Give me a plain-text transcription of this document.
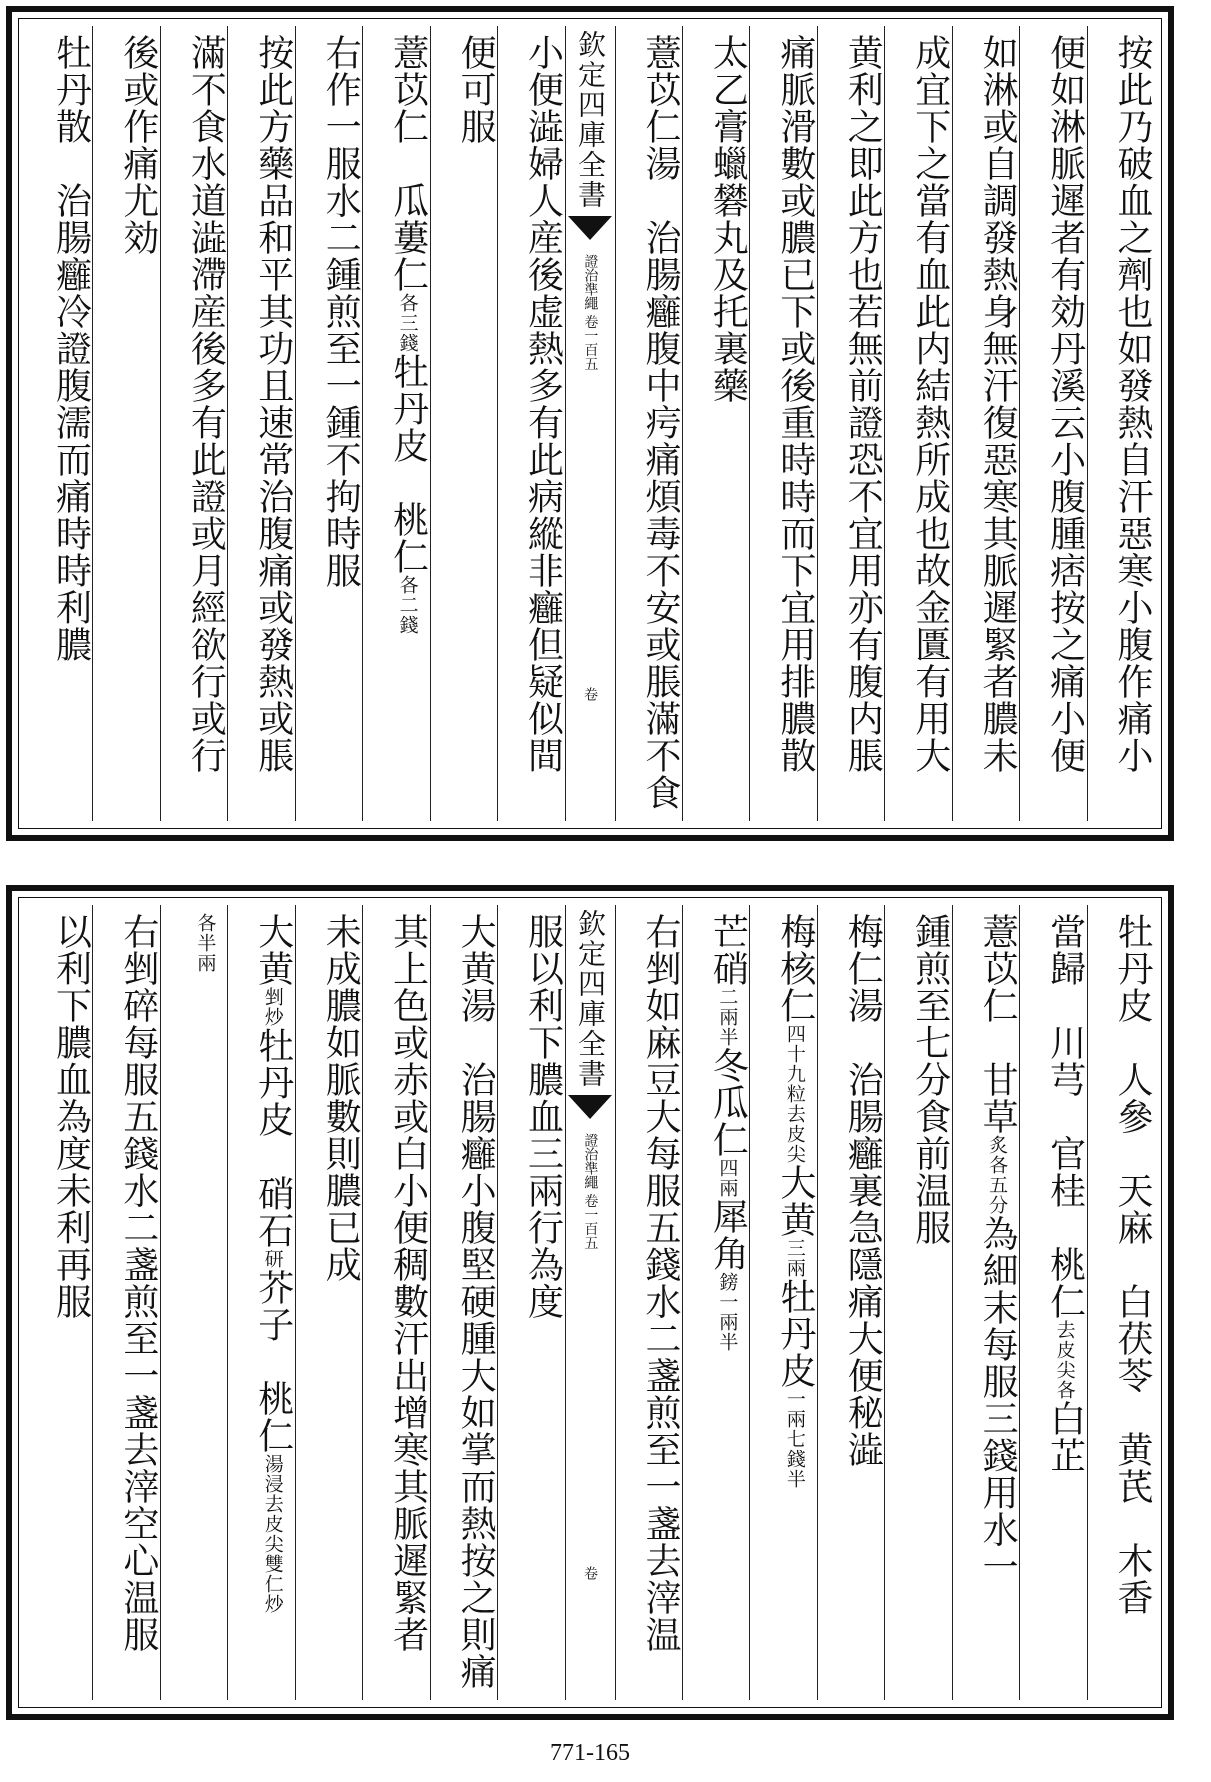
按此乃破血之劑也如發熱自汗惡寒小腹作痛小
便如淋脈遲者有効丹溪云小腹腫痞按之痛小便
如淋或自調發熱身無汗復惡寒其脈遲緊者膿未
成宜下之當有血此内結熱所成也故金匱有用大
黄利之即此方也若無前證恐不宜用亦有腹内脹
痛脈滑數或膿已下或後重時時而下宜用排膿散
太乙膏蠟礬丸及托裏藥
薏苡仁湯　治腸癰腹中疞痛煩毒不安或脹滿不食
欽定四庫全書
證治準繩 卷一百五
卷
小便澁婦人産後虚熱多有此病縱非癰但疑似間
便可服
薏苡仁　瓜蔞仁各三錢牡丹皮　桃仁各二錢
右作一服水二鍾煎至一鍾不拘時服
按此方藥品和平其功且速常治腹痛或發熱或脹
滿不食水道澁滯産後多有此證或月經欲行或行
後或作痛尤効
牡丹散　治腸癰冷證腹濡而痛時時利膿
牡丹皮　人參　天麻　白茯苓　黄芪　木香
當歸　川芎　官桂　桃仁去皮尖各白芷
薏苡仁　甘草炙各五分為細末每服三錢用水一
鍾煎至七分食前温服
梅仁湯　治腸癰裏急隱痛大便秘澁
梅核仁四十九粒去皮尖大黄三兩牡丹皮一兩七錢半
芒硝二兩半冬瓜仁四兩犀角鎊一兩半
右剉如麻豆大每服五錢水二盞煎至一盞去滓温
欽定四庫全書
證治準繩 卷一百五
卷
服以利下膿血三兩行為度
大黄湯　治腸癰小腹堅硬腫大如掌而熱按之則痛
其上色或赤或白小便稠數汗出增寒其脈遲緊者
未成膿如脈數則膿已成
大黄剉炒牡丹皮　硝石研芥子　桃仁湯浸去皮尖雙仁炒
各半兩
右剉碎每服五錢水二盞煎至一盞去滓空心温服
以利下膿血為度未利再服
771-165
